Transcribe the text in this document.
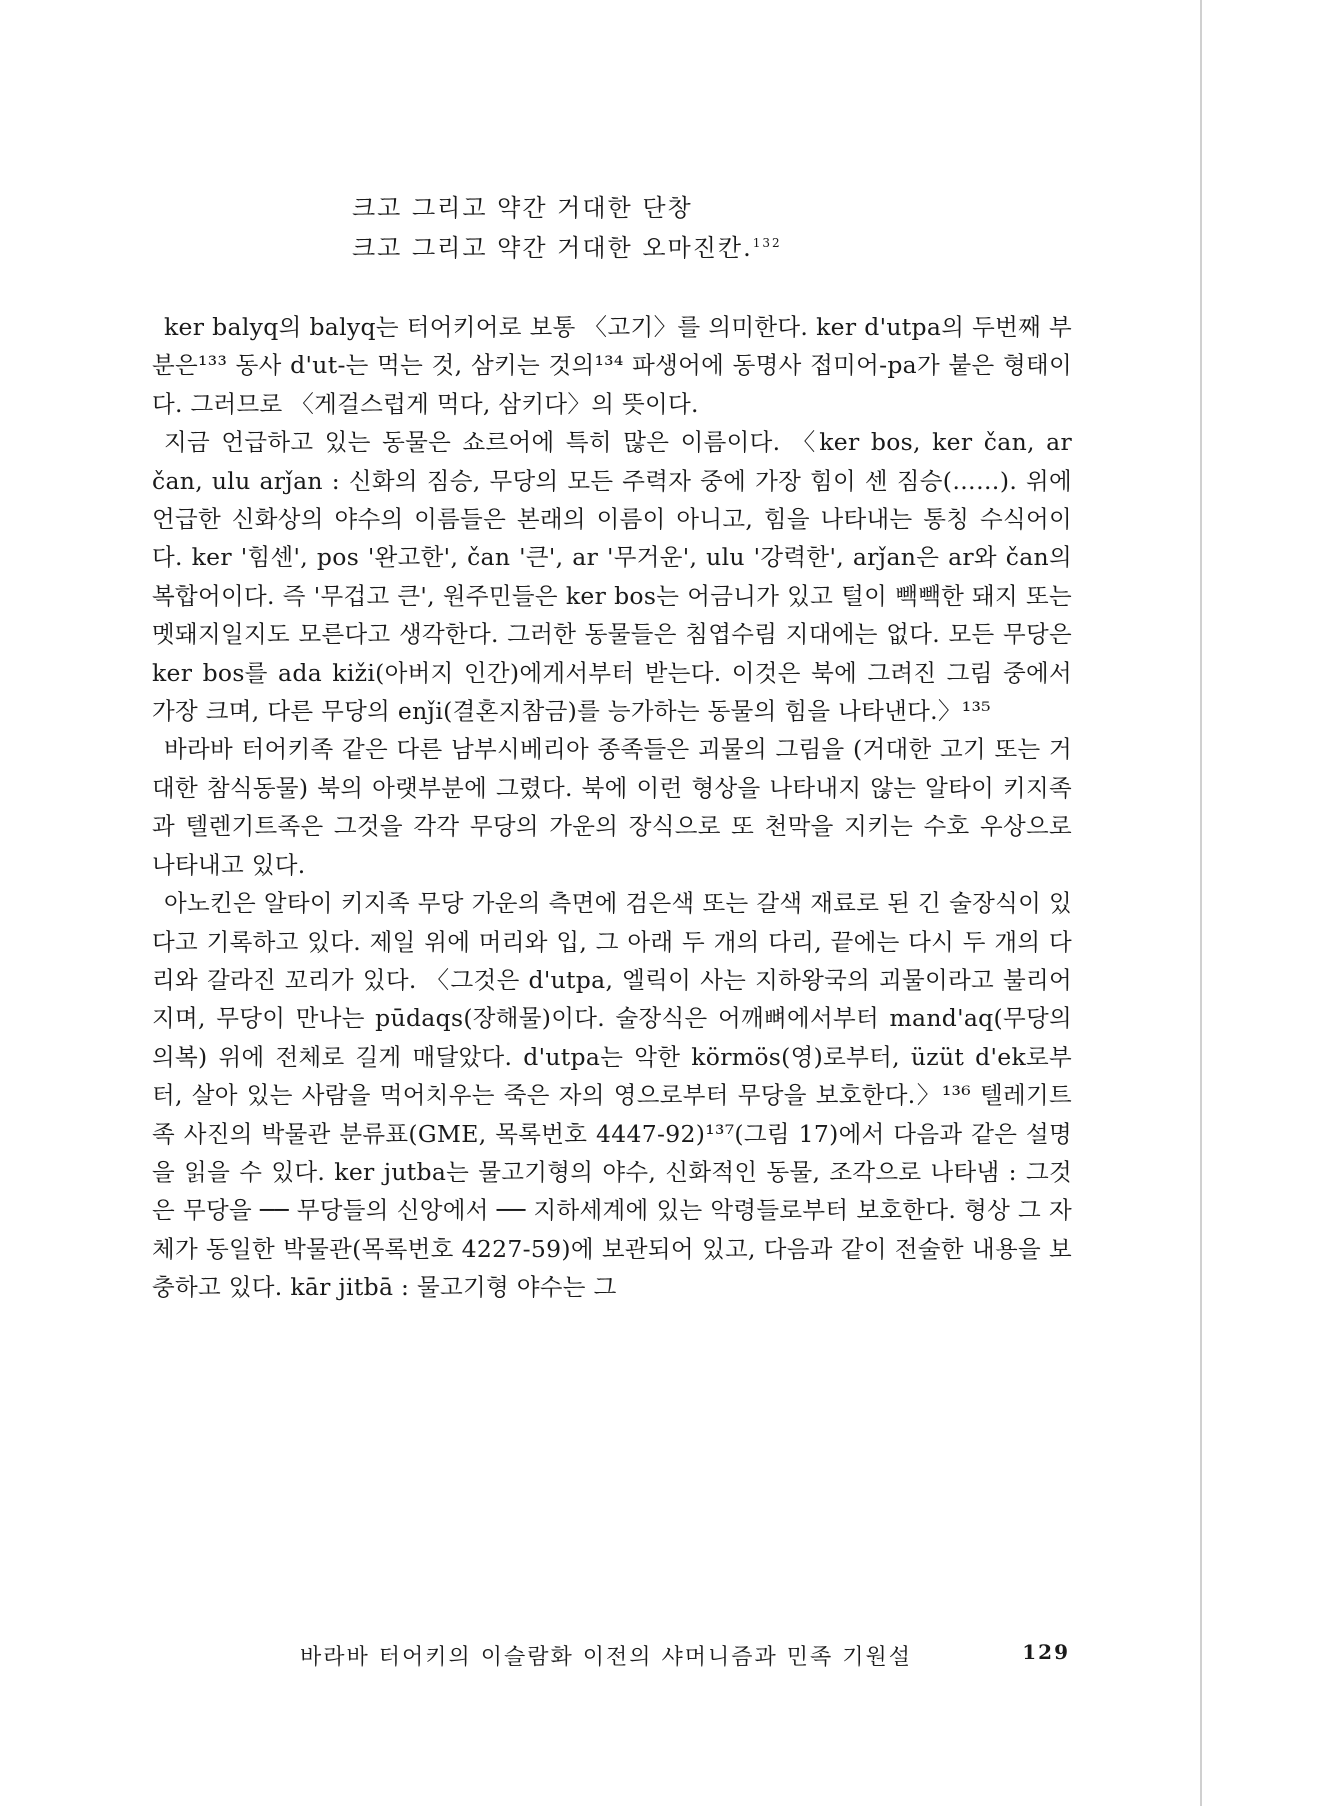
크고 그리고 약간 거대한 단창
크고 그리고 약간 거대한 오마진칸.$^{132}$

ker balyq의 balyq는 터어키어로 보통 〈고기〉를 의미한다. ker d'utpa의 두번째 부분은¹³³ 동사 d'ut-는 먹는 것, 삼키는 것의¹³⁴ 파생어에 동명사 접미어-pa가 붙은 형태이다. 그러므로 〈게걸스럽게 먹다, 삼키다〉의 뜻이다.

지금 언급하고 있는 동물은 쇼르어에 특히 많은 이름이다. 〈ker bos, ker čan, ar čan, ulu arǰan : 신화의 짐승, 무당의 모든 주력자 중에 가장 힘이 센 짐승(……). 위에 언급한 신화상의 야수의 이름들은 본래의 이름이 아니고, 힘을 나타내는 통칭 수식어이다. ker '힘센', pos '완고한', čan '큰', ar '무거운', ulu '강력한', arǰan은 ar와 čan의 복합어이다. 즉 '무겁고 큰', 원주민들은 ker bos는 어금니가 있고 털이 빽빽한 돼지 또는 멧돼지일지도 모른다고 생각한다. 그러한 동물들은 침엽수림 지대에는 없다. 모든 무당은 ker bos를 ada kiži(아버지 인간)에게서부터 받는다. 이것은 북에 그려진 그림 중에서 가장 크며, 다른 무당의 enǰi(결혼지참금)를 능가하는 동물의 힘을 나타낸다.〉¹³⁵

바라바 터어키족 같은 다른 남부시베리아 종족들은 괴물의 그림을 (거대한 고기 또는 거대한 참식동물) 북의 아랫부분에 그렸다. 북에 이런 형상을 나타내지 않는 알타이 키지족과 텔렌기트족은 그것을 각각 무당의 가운의 장식으로 또 천막을 지키는 수호 우상으로 나타내고 있다.

아노킨은 알타이 키지족 무당 가운의 측면에 검은색 또는 갈색 재료로 된 긴 술장식이 있다고 기록하고 있다. 제일 위에 머리와 입, 그 아래 두 개의 다리, 끝에는 다시 두 개의 다리와 갈라진 꼬리가 있다. 〈그것은 d'utpa, 엘릭이 사는 지하왕국의 괴물이라고 불리어지며, 무당이 만나는 pūdaqs(장해물)이다. 술장식은 어깨뼈에서부터 mand'aq(무당의 의복) 위에 전체로 길게 매달았다. d'utpa는 악한 körmös(영)로부터, üzüt d'ek로부터, 살아 있는 사람을 먹어치우는 죽은 자의 영으로부터 무당을 보호한다.〉¹³⁶ 텔레기트족 사진의 박물관 분류표(GME, 목록번호 4447-92)¹³⁷(그림 17)에서 다음과 같은 설명을 읽을 수 있다. ker jutba는 물고기형의 야수, 신화적인 동물, 조각으로 나타냄 : 그것은 무당을 ── 무당들의 신앙에서 ── 지하세계에 있는 악령들로부터 보호한다. 형상 그 자체가 동일한 박물관(목록번호 4227-59)에 보관되어 있고, 다음과 같이 전술한 내용을 보충하고 있다. kār jitbā : 물고기형 야수는 그

바라바 터어키의 이슬람화 이전의 샤머니즘과 민족 기원설	129
